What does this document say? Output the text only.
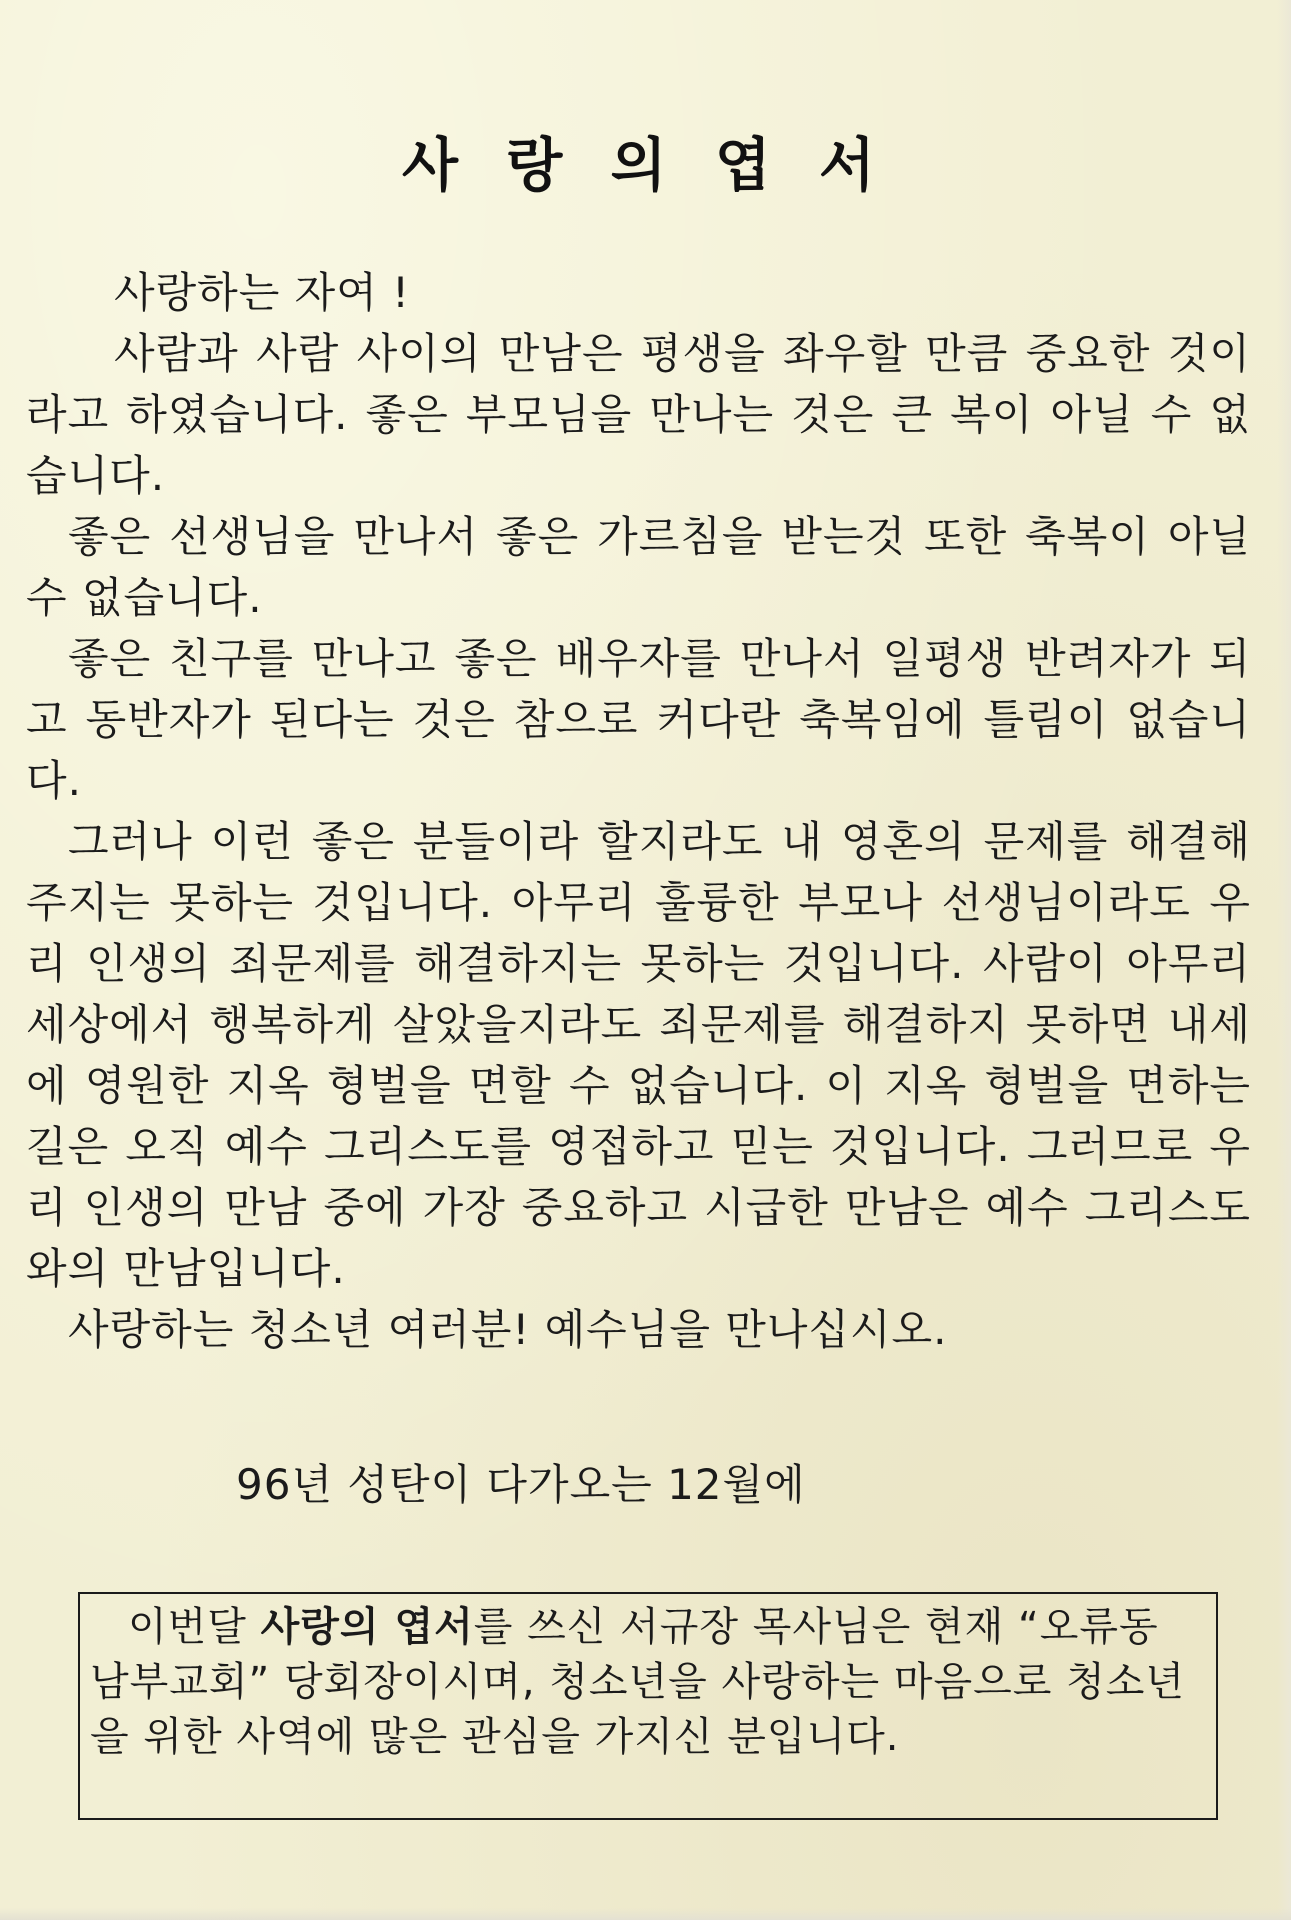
사 랑 의 엽 서

사랑하는 자여 !

사람과 사람 사이의 만남은 평생을 좌우할 만큼 중요한 것이라고 하였습니다. 좋은 부모님을 만나는 것은 큰 복이 아닐 수 없습니다.

좋은 선생님을 만나서 좋은 가르침을 받는것 또한 축복이 아닐수 없습니다.

좋은 친구를 만나고 좋은 배우자를 만나서 일평생 반려자가 되고 동반자가 된다는 것은 참으로 커다란 축복임에 틀림이 없습니다.

그러나 이런 좋은 분들이라 할지라도 내 영혼의 문제를 해결해 주지는 못하는 것입니다. 아무리 훌륭한 부모나 선생님이라도 우리 인생의 죄문제를 해결하지는 못하는 것입니다. 사람이 아무리 세상에서 행복하게 살았을지라도 죄문제를 해결하지 못하면 내세에 영원한 지옥 형벌을 면할 수 없습니다. 이 지옥 형벌을 면하는 길은 오직 예수 그리스도를 영접하고 믿는 것입니다. 그러므로 우리 인생의 만남 중에 가장 중요하고 시급한 만남은 예수 그리스도와의 만남입니다.

사랑하는 청소년 여러분! 예수님을 만나십시오.

96년 성탄이 다가오는 12월에
이번달 사랑의 엽서를 쓰신 서규장 목사님은 현재 “오류동 남부교회” 당회장이시며, 청소년을 사랑하는 마음으로 청소년을 위한 사역에 많은 관심을 가지신 분입니다.
